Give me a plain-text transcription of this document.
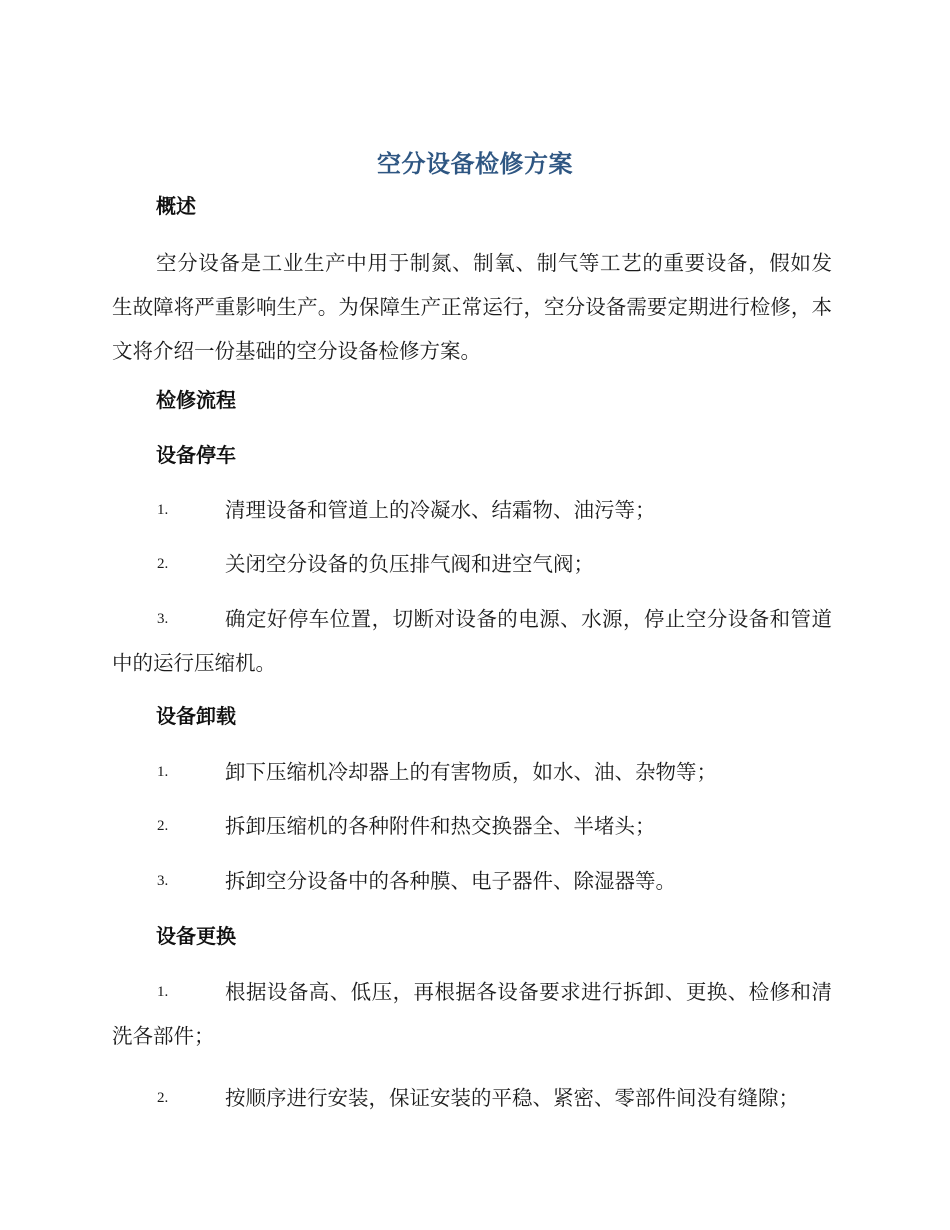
空分设备检修方案
概述
空分设备是工业生产中用于制氮、制氧、制气等工艺的重要设备，假如发生故障将严重影响生产。为保障生产正常运行，空分设备需要定期进行检修，本文将介绍一份基础的空分设备检修方案。
检修流程
设备停车
1.	清理设备和管道上的冷凝水、结霜物、油污等；
2.	关闭空分设备的负压排气阀和进空气阀；
3.	确定好停车位置，切断对设备的电源、水源，停止空分设备和管道中的运行压缩机。
设备卸载
1.	卸下压缩机冷却器上的有害物质，如水、油、杂物等；
2.	拆卸压缩机的各种附件和热交换器全、半堵头；
3.	拆卸空分设备中的各种膜、电子器件、除湿器等。
设备更换
1.	根据设备高、低压，再根据各设备要求进行拆卸、更换、检修和清洗各部件；
2.	按顺序进行安装，保证安装的平稳、紧密、零部件间没有缝隙；
